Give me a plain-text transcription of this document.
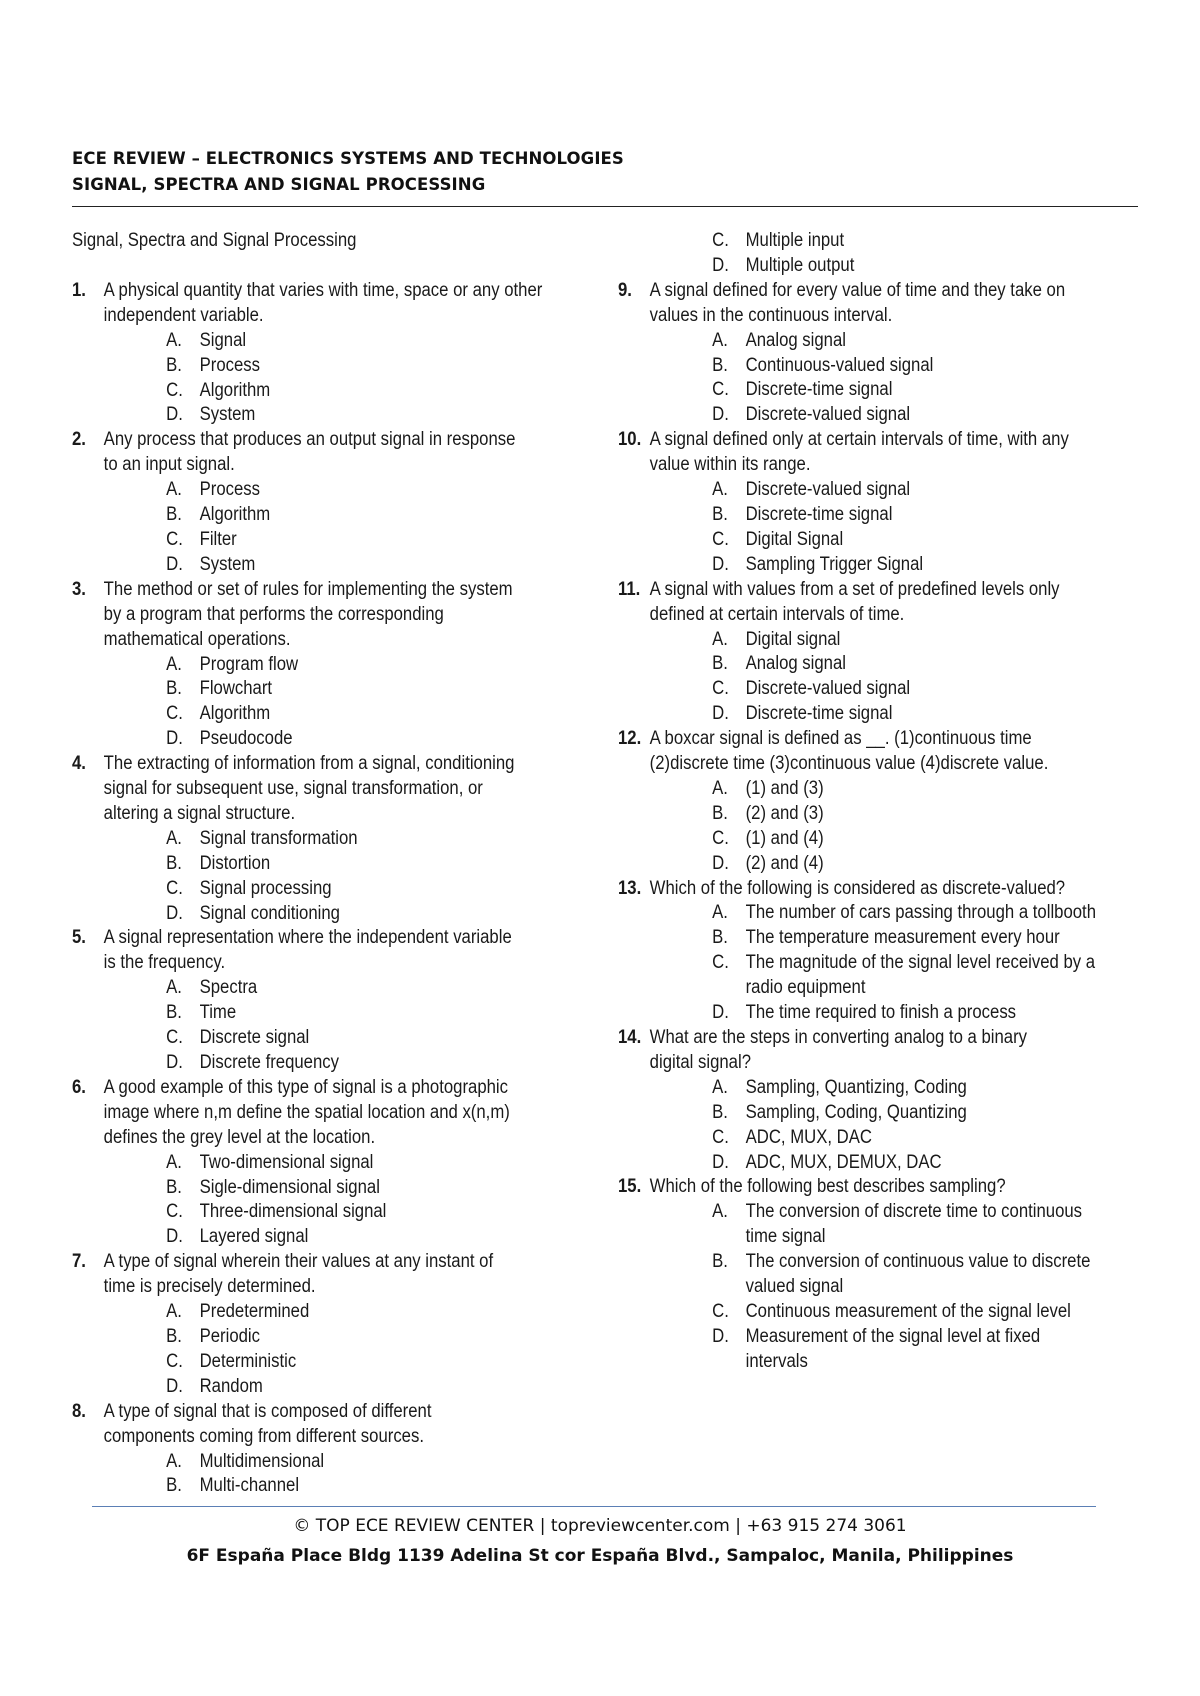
ECE REVIEW – ELECTRONICS SYSTEMS AND TECHNOLOGIES
SIGNAL, SPECTRA AND SIGNAL PROCESSING
Signal, Spectra and Signal Processing
1. A physical quantity that varies with time, space or any other
independent variable.
A. Signal
B. Process
C. Algorithm
D. System
2. Any process that produces an output signal in response
to an input signal.
A. Process
B. Algorithm
C. Filter
D. System
3. The method or set of rules for implementing the system
by a program that performs the corresponding
mathematical operations.
A. Program flow
B. Flowchart
C. Algorithm
D. Pseudocode
4. The extracting of information from a signal, conditioning
signal for subsequent use, signal transformation, or
altering a signal structure.
A. Signal transformation
B. Distortion
C. Signal processing
D. Signal conditioning
5. A signal representation where the independent variable
is the frequency.
A. Spectra
B. Time
C. Discrete signal
D. Discrete frequency
6. A good example of this type of signal is a photographic
image where n,m define the spatial location and x(n,m)
defines the grey level at the location.
A. Two-dimensional signal
B. Sigle-dimensional signal
C. Three-dimensional signal
D. Layered signal
7. A type of signal wherein their values at any instant of
time is precisely determined.
A. Predetermined
B. Periodic
C. Deterministic
D. Random
8. A type of signal that is composed of different
components coming from different sources.
A. Multidimensional
B. Multi-channel
C. Multiple input
D. Multiple output
9. A signal defined for every value of time and they take on
values in the continuous interval.
A. Analog signal
B. Continuous-valued signal
C. Discrete-time signal
D. Discrete-valued signal
10. A signal defined only at certain intervals of time, with any
value within its range.
A. Discrete-valued signal
B. Discrete-time signal
C. Digital Signal
D. Sampling Trigger Signal
11. A signal with values from a set of predefined levels only
defined at certain intervals of time.
A. Digital signal
B. Analog signal
C. Discrete-valued signal
D. Discrete-time signal
12. A boxcar signal is defined as __. (1)continuous time
(2)discrete time (3)continuous value (4)discrete value.
A. (1) and (3)
B. (2) and (3)
C. (1) and (4)
D. (2) and (4)
13. Which of the following is considered as discrete-valued?
A. The number of cars passing through a tollbooth
B. The temperature measurement every hour
C. The magnitude of the signal level received by a
radio equipment
D. The time required to finish a process
14. What are the steps in converting analog to a binary
digital signal?
A. Sampling, Quantizing, Coding
B. Sampling, Coding, Quantizing
C. ADC, MUX, DAC
D. ADC, MUX, DEMUX, DAC
15. Which of the following best describes sampling?
A. The conversion of discrete time to continuous
time signal
B. The conversion of continuous value to discrete
valued signal
C. Continuous measurement of the signal level
D. Measurement of the signal level at fixed
intervals
© TOP ECE REVIEW CENTER | topreviewcenter.com | +63 915 274 3061
6F España Place Bldg 1139 Adelina St cor España Blvd., Sampaloc, Manila, Philippines
